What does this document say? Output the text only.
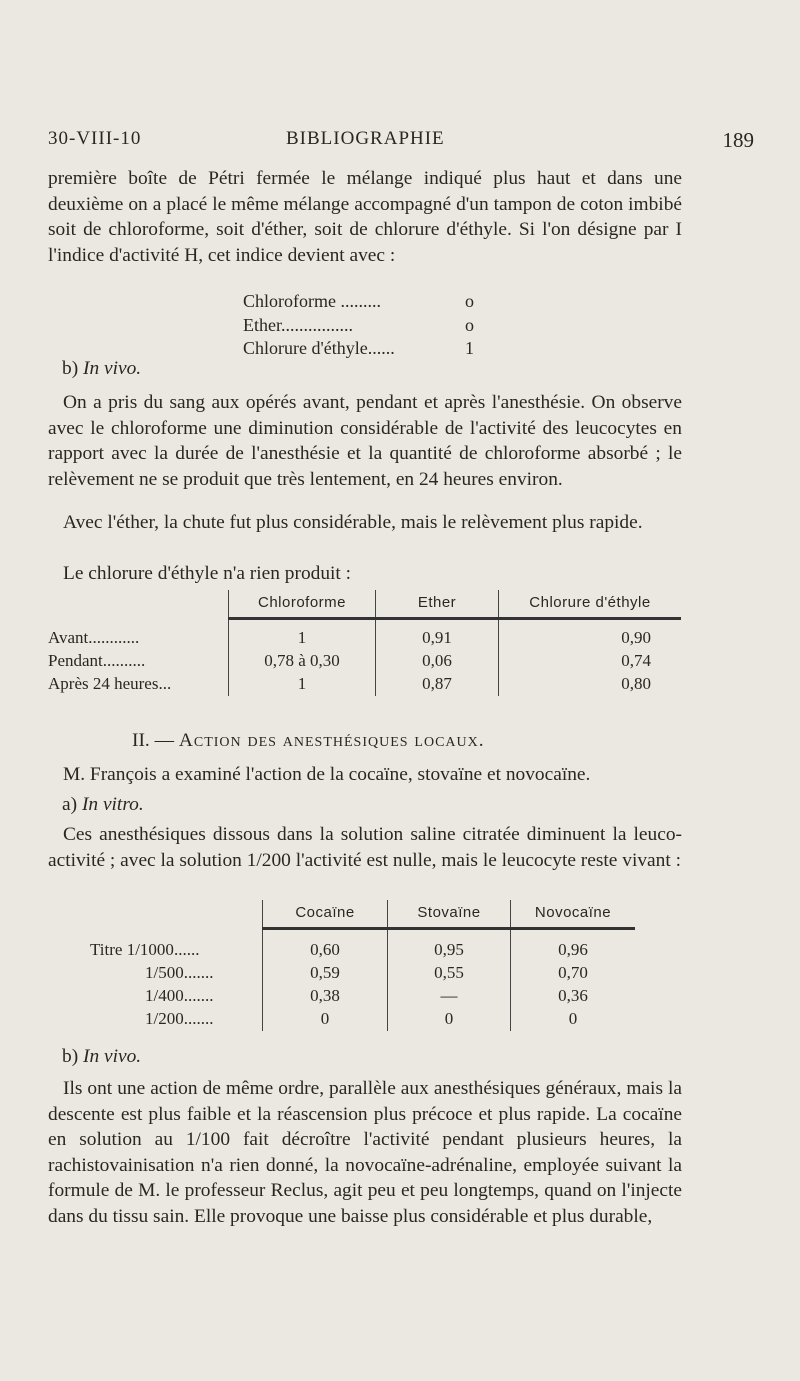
30-VIII-10	BIBLIOGRAPHIE	189
première boîte de Pétri fermée le mélange indiqué plus haut et dans une deuxième on a placé le même mélange accompagné d'un tampon de coton imbibé soit de chloroforme, soit d'éther, soit de chlorure d'éthyle. Si l'on désigne par I l'indice d'activité H, cet indice devient avec :
Chloroforme .........	o
Ether................	o
Chlorure d'éthyle......	1
b) In vivo.
On a pris du sang aux opérés avant, pendant et après l'anesthésie. On observe avec le chloroforme une diminution considérable de l'activité des leucocytes en rapport avec la durée de l'anesthésie et la quantité de chloroforme absorbé ; le relèvement ne se produit que très lentement, en 24 heures environ.
Avec l'éther, la chute fut plus considérable, mais le relèvement plus rapide.
Le chlorure d'éthyle n'a rien produit :
	Chloroforme	Ether	Chlorure d'éthyle

Avant............	1	0,91	0,90
Pendant..........	0,78 à 0,30	0,06	0,74
Après 24 heures...	1	0,87	0,80
II. — Action des anesthésiques locaux.
M. François a examiné l'action de la cocaïne, stovaïne et novocaïne.
a) In vitro.
Ces anesthésiques dissous dans la solution saline citratée diminuent la leuco-activité ; avec la solution 1/200 l'activité est nulle, mais le leucocyte reste vivant :
	Cocaïne	Stovaïne	Novocaïne

Titre 1/1000......	0,60	0,95	0,96
1/500.......	0,59	0,55	0,70
1/400.......	0,38	—	0,36
1/200.......	0	0	0
b) In vivo.
Ils ont une action de même ordre, parallèle aux anesthésiques généraux, mais la descente est plus faible et la réascension plus précoce et plus rapide. La cocaïne en solution au 1/100 fait décroître l'activité pendant plusieurs heures, la rachistovainisation n'a rien donné, la novocaïne-adrénaline, employée suivant la formule de M. le professeur Reclus, agit peu et peu longtemps, quand on l'injecte dans du tissu sain. Elle provoque une baisse plus considérable et plus durable,
